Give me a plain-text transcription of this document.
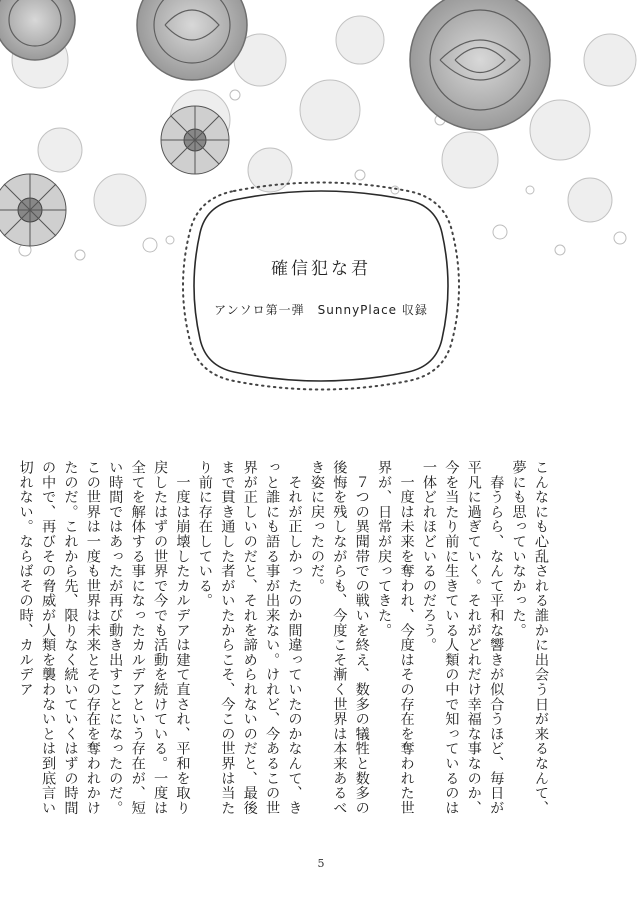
確信犯な君
アンソロ第一弾　SunnyPlace 収録

こんなにも心乱される誰かに出会う日が来るなんて、夢にも思っていなかった。

　春うらら、なんて平和な響きが似合うほど、毎日が平凡に過ぎていく。それがどれだけ幸福な事なのか、今を当たり前に生きている人類の中で知っているのは一体どれほどいるのだろう。

　一度は未来を奪われ、今度はその存在を奪われた世界が、日常が戻ってきた。

　７つの異聞帯での戦いを終え、数多の犠牲と数多の後悔を残しながらも、今度こそ漸く世界は本来あるべき姿に戻ったのだ。

　それが正しかったのか間違っていたのかなんて、きっと誰にも語る事が出来ない。けれど、今あるこの世界が正しいのだと、それを諦められないのだと、最後まで貫き通した者がいたからこそ、今この世界は当たり前に存在している。

　一度は崩壊したカルデアは建て直され、平和を取り戻したはずの世界で今でも活動を続けている。一度は全てを解体する事になったカルデアという存在が、短い時間ではあったが再び動き出すことになったのだ。この世界は一度も世界は未来とその存在を奪われかけたのだ。これから先、限りなく続いていくはずの時間の中で、再びその脅威が人類を襲わないとは到底言い切れない。ならばその時、カルデア

5
